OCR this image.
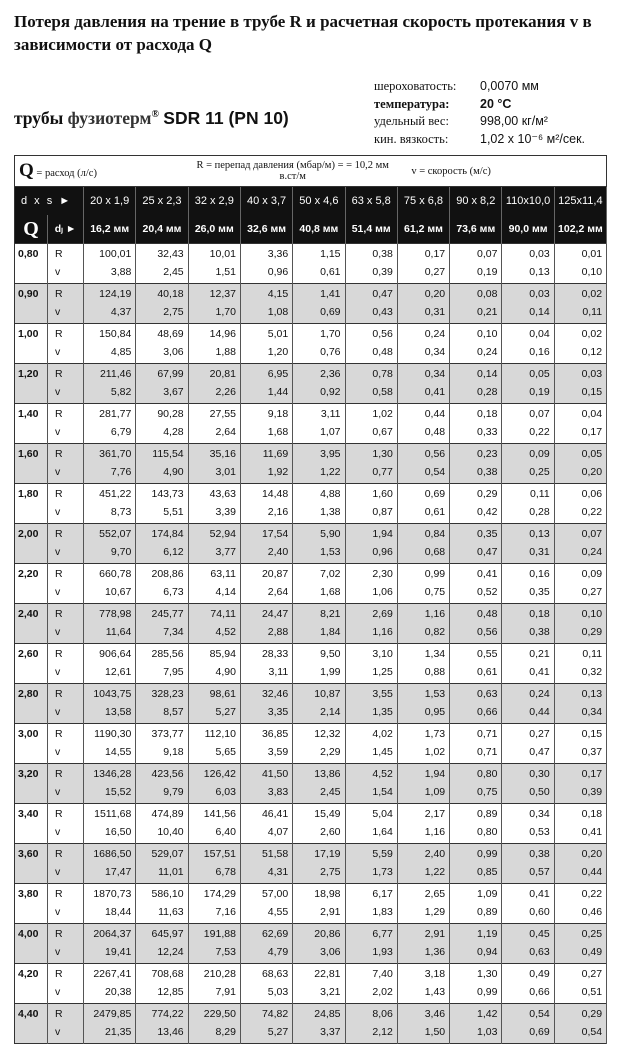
Потеря давления на трение в трубе R и расчетная скорость протекания v в зависимости от расхода Q
трубы фузиотерм® SDR 11 (PN 10)
шероховатость:	0,0070 мм
температура:	20 °С
удельный вес:	998,00 кг/м²
кин. вязкость:	1,02 x 10⁻⁶ м²/сек.
Q = расход (л/с)				R = перепад давления (мбар/м) = = 10,2 мм в.ст/м				v = скорость (м/с)			
d x s ►		20 x 1,9	25 x 2,3	32 x 2,9	40 x 3,7	50 x 4,6	63 x 5,8	75 x 6,8	90 x 8,2	110x10,0	125x11,4
Q	dⱼ ►	16,2 мм	20,4 мм	26,0 мм	32,6 мм	40,8 мм	51,4 мм	61,2 мм	73,6 мм	90,0 мм	102,2 мм
0,80	R	100,01	32,43	10,01	3,36	1,15	0,38	0,17	0,07	0,03	0,01
	v	3,88	2,45	1,51	0,96	0,61	0,39	0,27	0,19	0,13	0,10
0,90	R	124,19	40,18	12,37	4,15	1,41	0,47	0,20	0,08	0,03	0,02
	v	4,37	2,75	1,70	1,08	0,69	0,43	0,31	0,21	0,14	0,11
1,00	R	150,84	48,69	14,96	5,01	1,70	0,56	0,24	0,10	0,04	0,02
	v	4,85	3,06	1,88	1,20	0,76	0,48	0,34	0,24	0,16	0,12
1,20	R	211,46	67,99	20,81	6,95	2,36	0,78	0,34	0,14	0,05	0,03
	v	5,82	3,67	2,26	1,44	0,92	0,58	0,41	0,28	0,19	0,15
1,40	R	281,77	90,28	27,55	9,18	3,11	1,02	0,44	0,18	0,07	0,04
	v	6,79	4,28	2,64	1,68	1,07	0,67	0,48	0,33	0,22	0,17
1,60	R	361,70	115,54	35,16	11,69	3,95	1,30	0,56	0,23	0,09	0,05
	v	7,76	4,90	3,01	1,92	1,22	0,77	0,54	0,38	0,25	0,20
1,80	R	451,22	143,73	43,63	14,48	4,88	1,60	0,69	0,29	0,11	0,06
	v	8,73	5,51	3,39	2,16	1,38	0,87	0,61	0,42	0,28	0,22
2,00	R	552,07	174,84	52,94	17,54	5,90	1,94	0,84	0,35	0,13	0,07
	v	9,70	6,12	3,77	2,40	1,53	0,96	0,68	0,47	0,31	0,24
2,20	R	660,78	208,86	63,11	20,87	7,02	2,30	0,99	0,41	0,16	0,09
	v	10,67	6,73	4,14	2,64	1,68	1,06	0,75	0,52	0,35	0,27
2,40	R	778,98	245,77	74,11	24,47	8,21	2,69	1,16	0,48	0,18	0,10
	v	11,64	7,34	4,52	2,88	1,84	1,16	0,82	0,56	0,38	0,29
2,60	R	906,64	285,56	85,94	28,33	9,50	3,10	1,34	0,55	0,21	0,11
	v	12,61	7,95	4,90	3,11	1,99	1,25	0,88	0,61	0,41	0,32
2,80	R	1043,75	328,23	98,61	32,46	10,87	3,55	1,53	0,63	0,24	0,13
	v	13,58	8,57	5,27	3,35	2,14	1,35	0,95	0,66	0,44	0,34
3,00	R	1190,30	373,77	112,10	36,85	12,32	4,02	1,73	0,71	0,27	0,15
	v	14,55	9,18	5,65	3,59	2,29	1,45	1,02	0,71	0,47	0,37
3,20	R	1346,28	423,56	126,42	41,50	13,86	4,52	1,94	0,80	0,30	0,17
	v	15,52	9,79	6,03	3,83	2,45	1,54	1,09	0,75	0,50	0,39
3,40	R	1511,68	474,89	141,56	46,41	15,49	5,04	2,17	0,89	0,34	0,18
	v	16,50	10,40	6,40	4,07	2,60	1,64	1,16	0,80	0,53	0,41
3,60	R	1686,50	529,07	157,51	51,58	17,19	5,59	2,40	0,99	0,38	0,20
	v	17,47	11,01	6,78	4,31	2,75	1,73	1,22	0,85	0,57	0,44
3,80	R	1870,73	586,10	174,29	57,00	18,98	6,17	2,65	1,09	0,41	0,22
	v	18,44	11,63	7,16	4,55	2,91	1,83	1,29	0,89	0,60	0,46
4,00	R	2064,37	645,97	191,88	62,69	20,86	6,77	2,91	1,19	0,45	0,25
	v	19,41	12,24	7,53	4,79	3,06	1,93	1,36	0,94	0,63	0,49
4,20	R	2267,41	708,68	210,28	68,63	22,81	7,40	3,18	1,30	0,49	0,27
	v	20,38	12,85	7,91	5,03	3,21	2,02	1,43	0,99	0,66	0,51
4,40	R	2479,85	774,22	229,50	74,82	24,85	8,06	3,46	1,42	0,54	0,29
	v	21,35	13,46	8,29	5,27	3,37	2,12	1,50	1,03	0,69	0,54
